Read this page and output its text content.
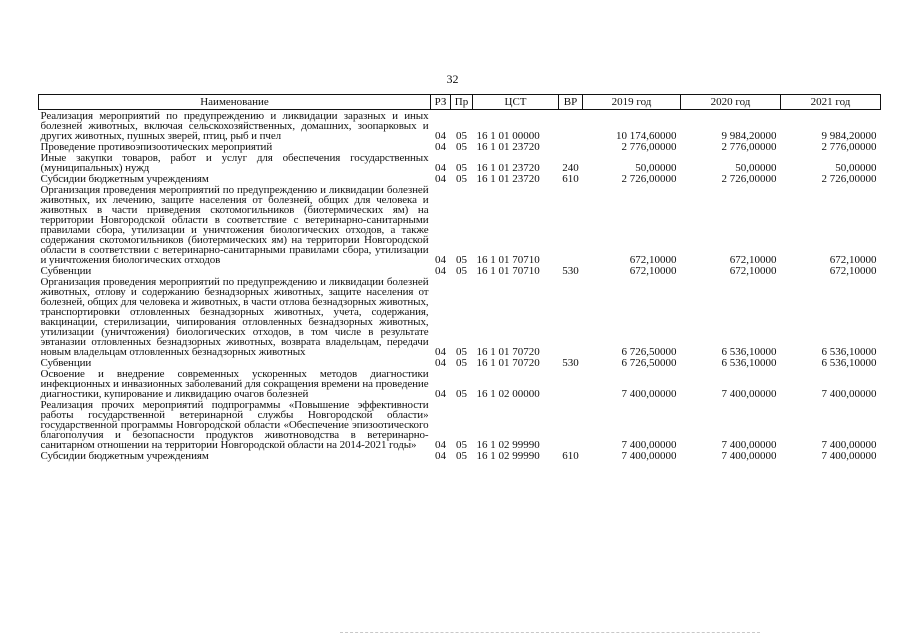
32
Наименование	РЗ	Пр	ЦСТ	ВР	2019 год	2020 год	2021 год
Реализация мероприятий по предупреждению и ликвидации заразных и иных болезней животных, включая сельскохозяйственных, домашних, зоопарковых и других животных, пушных зверей, птиц, рыб и пчел	04	05	16 1 01 00000		10 174,60000	9 984,20000	9 984,20000
Проведение противоэпизоотических мероприятий	04	05	16 1 01 23720		2 776,00000	2 776,00000	2 776,00000
Иные закупки товаров, работ и услуг для обеспечения государственных (муниципальных) нужд	04	05	16 1 01 23720	240	50,00000	50,00000	50,00000
Субсидии бюджетным учреждениям	04	05	16 1 01 23720	610	2 726,00000	2 726,00000	2 726,00000
Организация проведения мероприятий по предупреждению и ликвидации болезней животных, их лечению, защите населения от болезней, общих для человека и животных в части приведения скотомогильников (биотермических ям) на территории Новгородской области в соответствие с ветеринарно-санитарными правилами сбора, утилизации и уничтожения биологических отходов, а также содержания скотомогильников (биотермических ям) на территории Новгородской области в соответствии с ветеринарно-санитарными правилами сбора, утилизации и уничтожения биологических отходов	04	05	16 1 01 70710		672,10000	672,10000	672,10000
Субвенции	04	05	16 1 01 70710	530	672,10000	672,10000	672,10000
Организация проведения мероприятий по предупреждению и ликвидации болезней животных, отлову и содержанию безнадзорных животных, защите населения от болезней, общих для человека и животных, в части отлова безнадзорных животных, транспортировки отловленных безнадзорных животных, учета, содержания, вакцинации, стерилизации, чипирования отловленных безнадзорных животных, утилизации (уничтожения) биологических отходов, в том числе в результате эвтаназии отловленных безнадзорных животных, возврата владельцам, передачи новым владельцам отловленных безнадзорных животных	04	05	16 1 01 70720		6 726,50000	6 536,10000	6 536,10000
Субвенции	04	05	16 1 01 70720	530	6 726,50000	6 536,10000	6 536,10000
Освоение и внедрение современных ускоренных методов диагностики инфекционных и инвазионных заболеваний для сокращения времени на проведение диагностики, купирование и ликвидацию очагов болезней	04	05	16 1 02 00000		7 400,00000	7 400,00000	7 400,00000
Реализация прочих мероприятий подпрограммы «Повышение эффективности работы государственной ветеринарной службы Новгородской области» государственной программы Новгородской области «Обеспечение эпизоотического благополучия и безопасности продуктов животноводства в ветеринарно-санитарном отношении на территории Новгородской области на 2014-2021 годы»	04	05	16 1 02 99990		7 400,00000	7 400,00000	7 400,00000
Субсидии бюджетным учреждениям	04	05	16 1 02 99990	610	7 400,00000	7 400,00000	7 400,00000
